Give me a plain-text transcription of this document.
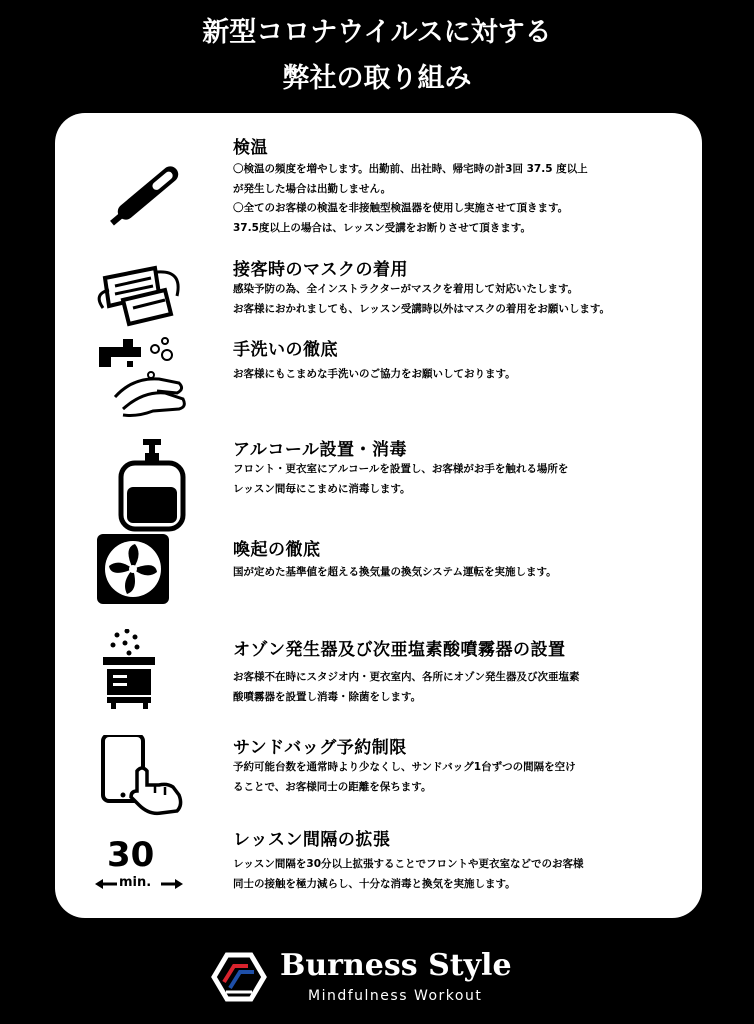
新型コロナウイルスに対する
弊社の取り組み
検温
〇検温の頻度を増やします。出勤前、出社時、帰宅時の計3回 37.5 度以上
が発生した場合は出勤しません。
〇全てのお客様の検温を非接触型検温器を使用し実施させて頂きます。
37.5度以上の場合は、レッスン受講をお断りさせて頂きます。
接客時のマスクの着用
感染予防の為、全インストラクターがマスクを着用して対応いたします。
お客様におかれましても、レッスン受講時以外はマスクの着用をお願いします。
手洗いの徹底
お客様にもこまめな手洗いのご協力をお願いしております。
アルコール設置・消毒
フロント・更衣室にアルコールを設置し、お客様がお手を触れる場所を
レッスン間毎にこまめに消毒します。
喚起の徹底
国が定めた基準値を超える換気量の換気システム運転を実施します。
オゾン発生器及び次亜塩素酸噴霧器の設置
お客様不在時にスタジオ内・更衣室内、各所にオゾン発生器及び次亜塩素
酸噴霧器を設置し消毒・除菌をします。
サンドバッグ予約制限
予約可能台数を通常時より少なくし、サンドバッグ1台ずつの間隔を空け
ることで、お客様同士の距離を保ちます。
30
min.
レッスン間隔の拡張
レッスン間隔を30分以上拡張することでフロントや更衣室などでのお客様
同士の接触を極力減らし、十分な消毒と換気を実施します。
Burness Style
Mindfulness Workout
